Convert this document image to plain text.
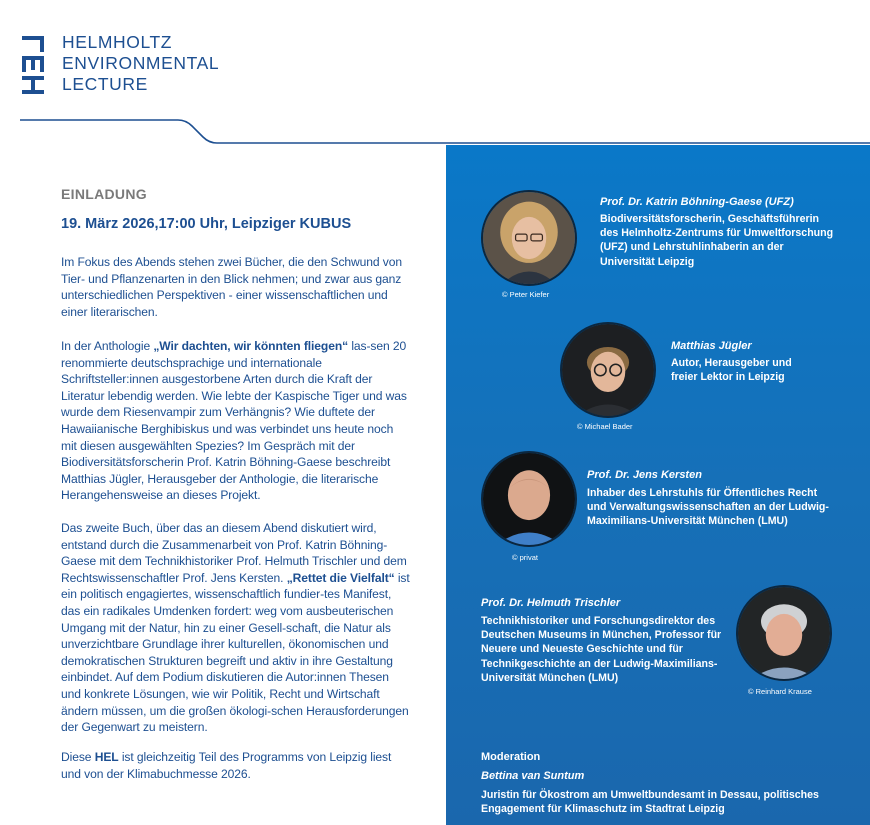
HELMHOLTZ
ENVIRONMENTAL
LECTURE
EINLADUNG
19. März 2026,17:00 Uhr, Leipziger KUBUS
Im Fokus des Abends stehen zwei Bücher, die den Schwund von Tier- und Pflanzenarten in den Blick nehmen; und zwar aus ganz unterschiedlichen Perspektiven - einer wissenschaftlichen und einer literarischen.
In der Anthologie „Wir dachten, wir könnten fliegen“ las-sen 20 renommierte deutschsprachige und internationale Schriftsteller:innen ausgestorbene Arten durch die Kraft der Literatur lebendig werden. Wie lebte der Kaspische Tiger und was wurde dem Riesenvampir zum Verhängnis? Wie duftete der Hawaiianische Berghibiskus und was verbindet uns heute noch mit diesen ausgewählten Spezies? Im Gespräch mit der Biodiversitätsforscherin Prof. Katrin Böhning-Gaese beschreibt Matthias Jügler, Herausgeber der Anthologie, die literarische Herangehensweise an dieses Projekt.
Das zweite Buch, über das an diesem Abend diskutiert wird, entstand durch die Zusammenarbeit von Prof. Katrin Böhning-Gaese mit dem Technikhistoriker Prof. Helmuth Trischler und dem Rechtswissenschaftler Prof. Jens Kersten. „Rettet die Vielfalt“ ist ein politisch engagiertes, wissenschaftlich fundier-tes Manifest, das ein radikales Umdenken fordert: weg vom ausbeuterischen Umgang mit der Natur, hin zu einer Gesell-schaft, die Natur als unverzichtbare Grundlage ihrer kulturellen, ökonomischen und demokratischen Strukturen begreift und aktiv in ihre Gestaltung einbindet. Auf dem Podium diskutieren die Autor:innen Thesen und konkrete Lösungen, wie wir Politik, Recht und Wirtschaft ändern müssen, um die großen ökologi-schen Herausforderungen der Gegenwart zu meistern.
Diese HEL ist gleichzeitig Teil des Programms von Leipzig liest und von der Klimabuchmesse 2026.
© Peter Kiefer
Prof. Dr. Katrin Böhning-Gaese (UFZ)
Biodiversitätsforscherin, Geschäftsführerin des Helmholtz-Zentrums für Umweltforschung (UFZ) und Lehrstuhlinhaberin an der Universität Leipzig
© Michael Bader
Matthias Jügler
Autor, Herausgeber und freier Lektor in Leipzig
© privat
Prof. Dr. Jens Kersten
Inhaber des Lehrstuhls für Öffentliches Recht und Verwaltungswissenschaften an der Ludwig-Maximilians-Universität München (LMU)
© Reinhard Krause
Prof. Dr. Helmuth Trischler
Technikhistoriker und Forschungsdirektor des Deutschen Museums in München, Professor für Neuere und Neueste Geschichte und für Technikgeschichte an der Ludwig-Maximilians-Universität München (LMU)
Moderation
Bettina van Suntum
Juristin für Ökostrom am Umweltbundesamt in Dessau, politisches Engagement für Klimaschutz im Stadtrat Leipzig
